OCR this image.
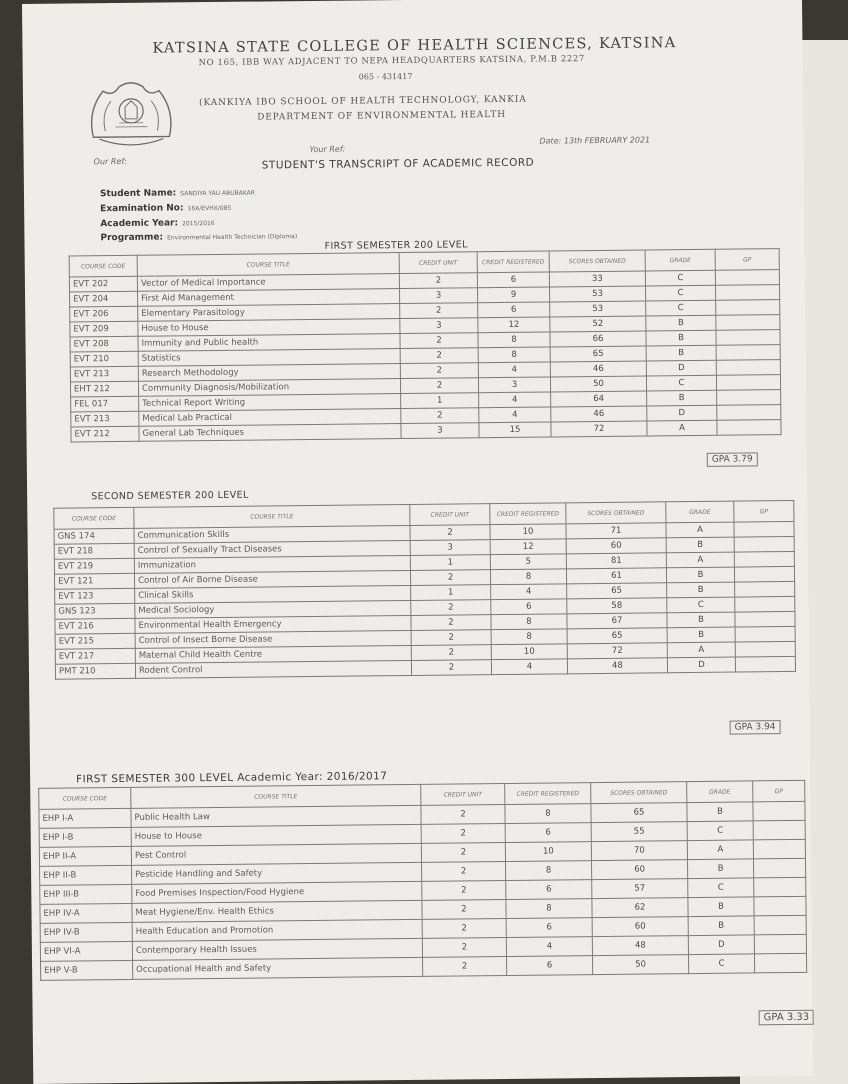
KATSINA STATE COLLEGE OF HEALTH SCIENCES, KATSINA
NO 165, IBB WAY ADJACENT TO NEPA HEADQUARTERS KATSINA, P.M.B 2227
065 - 431417
(KANKIYA IBO SCHOOL OF HEALTH TECHNOLOGY, KANKIA
DEPARTMENT OF ENVIRONMENTAL HEALTH
Our Ref:
Your Ref:
Date: 13th FEBRUARY 2021
STUDENT'S TRANSCRIPT OF ACADEMIC RECORD
Student Name: SANDIYA YAU ABUBAKAR
Examination No: 16A/EVHX/085
Academic Year: 2015/2016
Programme: Environmental Health Technician (Diploma)
FIRST SEMESTER 200 LEVEL
COURSE CODE	COURSE TITLE	CREDIT UNIT	CREDIT REGISTERED	SCORES OBTAINED	GRADE	GP
EVT 202	Vector of Medical Importance	2	6	33	C	
EVT 204	First Aid Management	3	9	53	C	
EVT 206	Elementary Parasitology	2	6	53	C	
EVT 209	House to House	3	12	52	B	
EVT 208	Immunity and Public health	2	8	66	B	
EVT 210	Statistics	2	8	65	B	
EVT 213	Research Methodology	2	4	46	D	
EHT 212	Community Diagnosis/Mobilization	2	3	50	C	
FEL 017	Technical Report Writing	1	4	64	B	
EVT 213	Medical Lab Practical	2	4	46	D	
EVT 212	General Lab Techniques	3	15	72	A	
GPA 3.79
SECOND SEMESTER 200 LEVEL
COURSE CODE	COURSE TITLE	CREDIT UNIT	CREDIT REGISTERED	SCORES OBTAINED	GRADE	GP
GNS 174	Communication Skills	2	10	71	A	
EVT 218	Control of Sexually Tract Diseases	3	12	60	B	
EVT 219	Immunization	1	5	81	A	
EVT 121	Control of Air Borne Disease	2	8	61	B	
EVT 123	Clinical Skills	1	4	65	B	
GNS 123	Medical Sociology	2	6	58	C	
EVT 216	Environmental Health Emergency	2	8	67	B	
EVT 215	Control of Insect Borne Disease	2	8	65	B	
EVT 217	Maternal Child Health Centre	2	10	72	A	
PMT 210	Rodent Control	2	4	48	D	
GPA 3.94
FIRST SEMESTER 300 LEVEL Academic Year: 2016/2017
COURSE CODE	COURSE TITLE	CREDIT UNIT	CREDIT REGISTERED	SCORES OBTAINED	GRADE	GP
EHP I-A	Public Health Law	2	8	65	B	
EHP I-B	House to House	2	6	55	C	
EHP II-A	Pest Control	2	10	70	A	
EHP II-B	Pesticide Handling and Safety	2	8	60	B	
EHP III-B	Food Premises Inspection/Food Hygiene	2	6	57	C	
EHP IV-A	Meat Hygiene/Env. Health Ethics	2	8	62	B	
EHP IV-B	Health Education and Promotion	2	6	60	B	
EHP VI-A	Contemporary Health Issues	2	4	48	D	
EHP V-B	Occupational Health and Safety	2	6	50	C	
GPA 3.33
